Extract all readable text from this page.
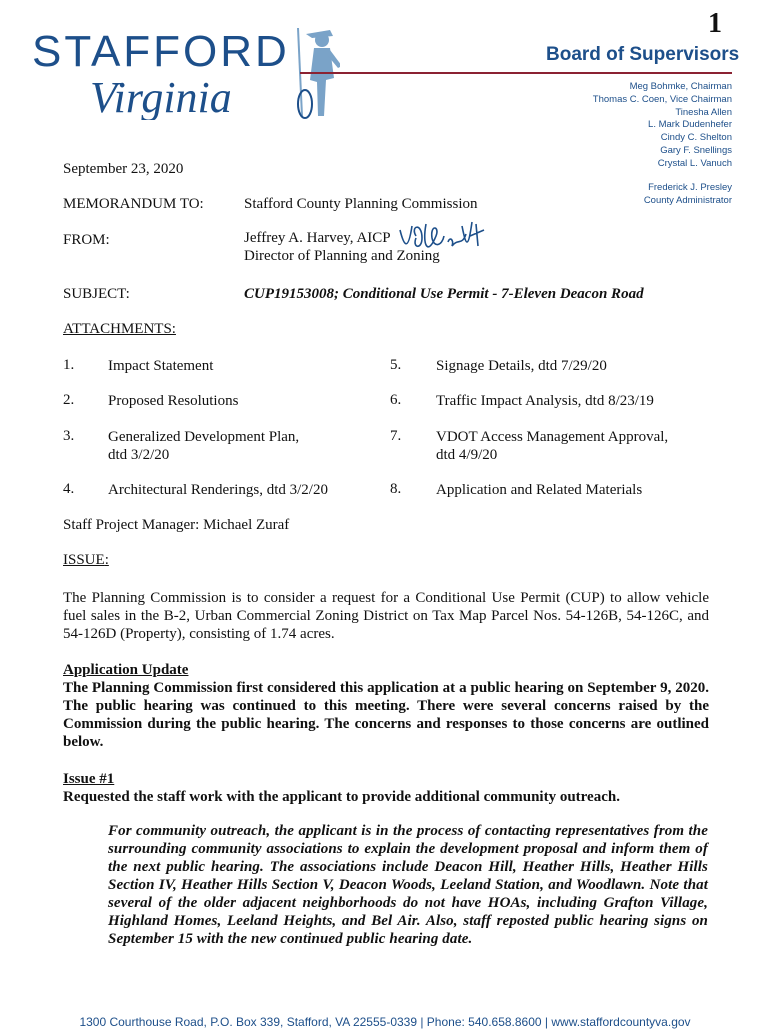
1
STAFFORD
Virginia
Board of Supervisors
Meg Bohmke, Chairman
Thomas C. Coen, Vice Chairman
Tinesha Allen
L. Mark Dudenhefer
Cindy C. Shelton
Gary F. Snellings
Crystal L. Vanuch
Frederick J. Presley
County Administrator
September 23, 2020
MEMORANDUM TO:	Stafford County Planning Commission
FROM:	Jeffrey A. Harvey, AICP
Director of Planning and Zoning
SUBJECT:	CUP19153008; Conditional Use Permit - 7-Eleven Deacon Road
ATTACHMENTS:
1. Impact Statement
2. Proposed Resolutions
3. Generalized Development Plan,
dtd 3/2/20
4. Architectural Renderings, dtd 3/2/20
5. Signage Details, dtd 7/29/20
6. Traffic Impact Analysis, dtd 8/23/19
7. VDOT Access Management Approval,
dtd 4/9/20
8. Application and Related Materials
Staff Project Manager: Michael Zuraf
ISSUE:
The Planning Commission is to consider a request for a Conditional Use Permit (CUP) to allow vehicle fuel sales in the B-2, Urban Commercial Zoning District on Tax Map Parcel Nos. 54-126B, 54-126C, and 54-126D (Property), consisting of 1.74 acres.
Application Update
The Planning Commission first considered this application at a public hearing on September 9, 2020. The public hearing was continued to this meeting. There were several concerns raised by the Commission during the public hearing. The concerns and responses to those concerns are outlined below.
Issue #1
Requested the staff work with the applicant to provide additional community outreach.
For community outreach, the applicant is in the process of contacting representatives from the surrounding community associations to explain the development proposal and inform them of the next public hearing. The associations include Deacon Hill, Heather Hills, Heather Hills Section IV, Heather Hills Section V, Deacon Woods, Leeland Station, and Woodlawn. Note that several of the older adjacent neighborhoods do not have HOAs, including Grafton Village, Highland Homes, Leeland Heights, and Bel Air. Also, staff reposted public hearing signs on September 15 with the new continued public hearing date.
1300 Courthouse Road, P.O. Box 339, Stafford, VA 22555-0339 | Phone: 540.658.8600 | www.staffordcountyva.gov
